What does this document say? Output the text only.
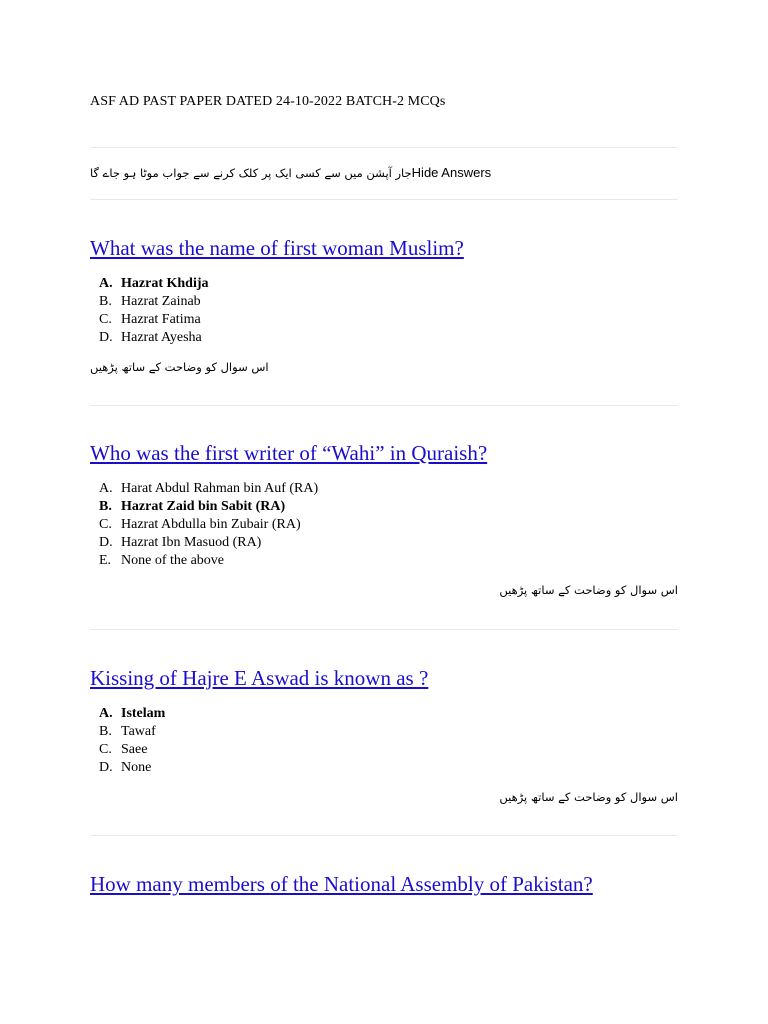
ASF AD PAST PAPER DATED 24-10-2022 BATCH-2 MCQs
جار آپشن میں سے کسی ایک پر کلک کرنے سے جواب موٹا ہو جاے گاHide Answers
What was the name of first woman Muslim?
A. Hazrat Khdija
B. Hazrat Zainab
C. Hazrat Fatima
D. Hazrat Ayesha
اس سوال کو وضاحت کے ساتھ پڑھیں
Who was the first writer of “Wahi” in Quraish?
A. Harat Abdul Rahman bin Auf (RA)
B. Hazrat Zaid bin Sabit (RA)
C. Hazrat Abdulla bin Zubair (RA)
D. Hazrat Ibn Masuod (RA)
E. None of the above
اس سوال کو وضاحت کے ساتھ پڑھیں
Kissing of Hajre E Aswad is known as ?
A. Istelam
B. Tawaf
C. Saee
D. None
اس سوال کو وضاحت کے ساتھ پڑھیں
How many members of the National Assembly of Pakistan?
